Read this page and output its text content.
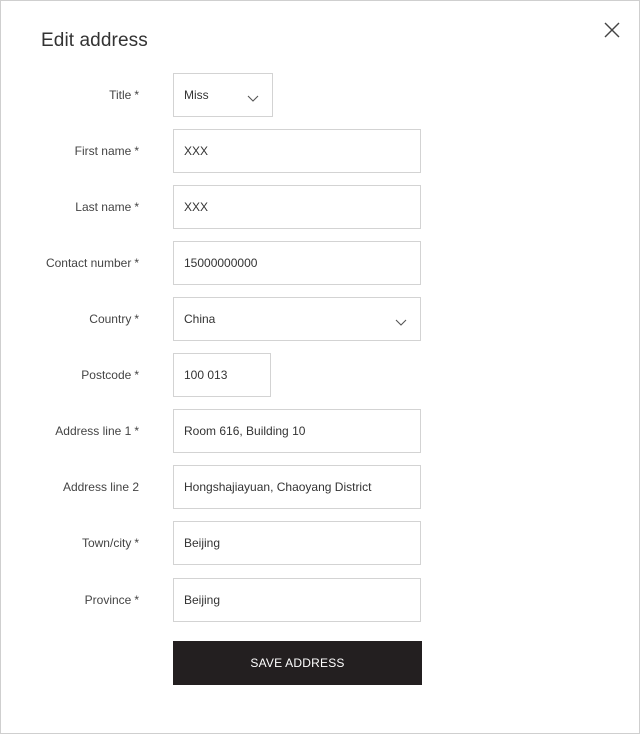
Edit address
Title *	Miss
First name *
XXX
Last name *
XXX
Contact number *
15000000000
Country *	China
Postcode *
100 013
Address line 1 *
Room 616, Building 10
Address line 2
Hongshajiayuan, Chaoyang District
Town/city *
Beijing
Province *
Beijing
SAVE ADDRESS
